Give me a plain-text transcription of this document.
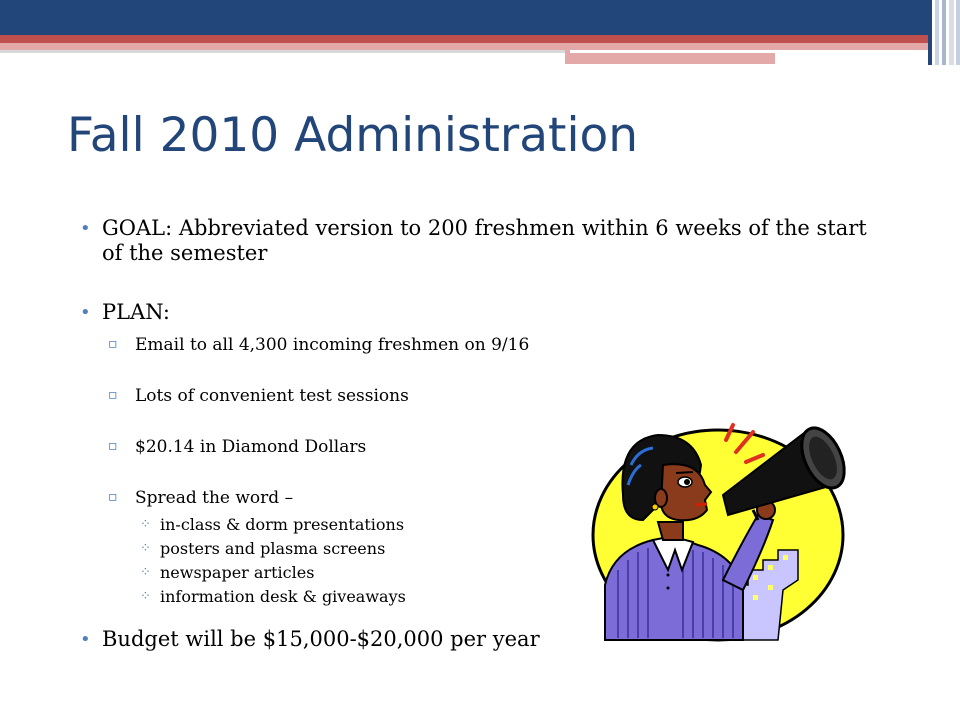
Fall 2010 Administration
• GOAL: Abbreviated version to 200 freshmen within 6 weeks of the start of the semester
• PLAN:
▫ Email to all 4,300 incoming freshmen on 9/16
▫ Lots of convenient test sessions
▫ $20.14 in Diamond Dollars
▫ Spread the word –
⁘ in-class & dorm presentations
⁘ posters and plasma screens
⁘ newspaper articles
⁘ information desk & giveaways
• Budget will be $15,000-$20,000 per year
